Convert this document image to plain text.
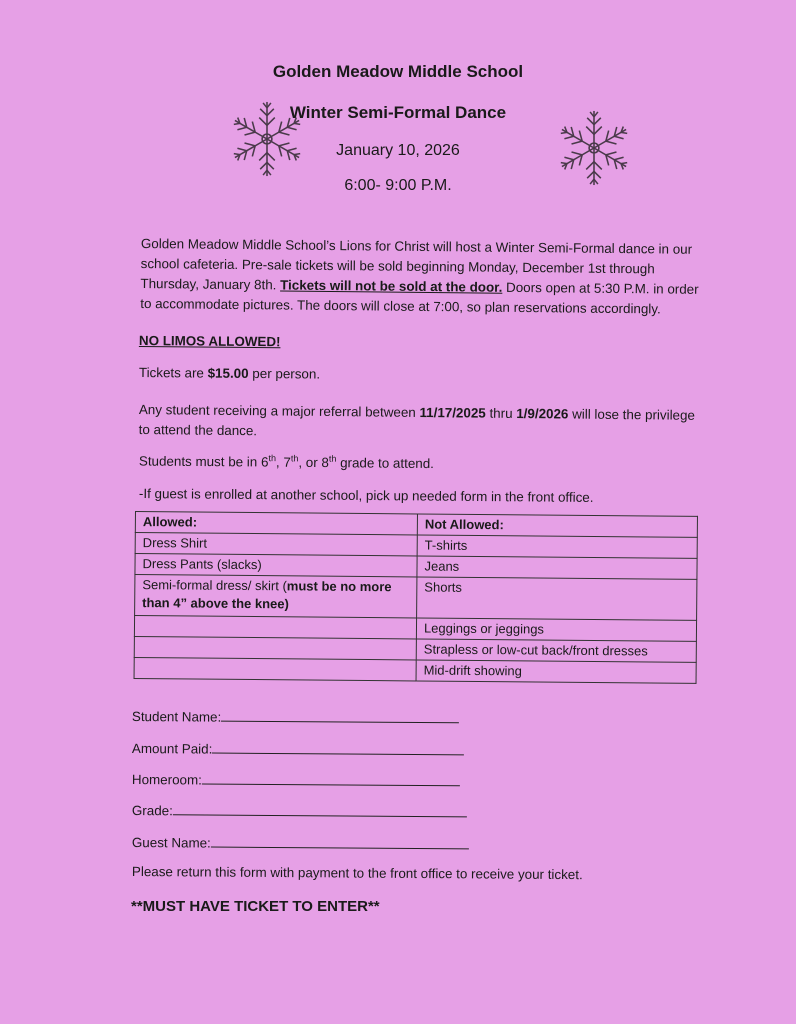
Golden Meadow Middle School
Winter Semi-Formal Dance
January 10, 2026
6:00- 9:00 P.M.
Golden Meadow Middle School’s Lions for Christ will host a Winter Semi-Formal dance in our school cafeteria. Pre-sale tickets will be sold beginning Monday, December 1st through Thursday, January 8th. Tickets will not be sold at the door. Doors open at 5:30 P.M. in order to accommodate pictures. The doors will close at 7:00, so plan reservations accordingly.
NO LIMOS ALLOWED!
Tickets are $15.00 per person.
Any student receiving a major referral between 11/17/2025 thru 1/9/2026 will lose the privilege to attend the dance.
Students must be in 6th, 7th, or 8th grade to attend.
-If guest is enrolled at another school, pick up needed form in the front office.
Allowed:	Not Allowed:
Dress Shirt	T-shirts
Dress Pants (slacks)	Jeans
Semi-formal dress/ skirt (must be no more than 4” above the knee)	Shorts
	Leggings or jeggings
	Strapless or low-cut back/front dresses
	Mid-drift showing
Student Name:
Amount Paid:
Homeroom:
Grade:
Guest Name:
Please return this form with payment to the front office to receive your ticket.
**MUST HAVE TICKET TO ENTER**
